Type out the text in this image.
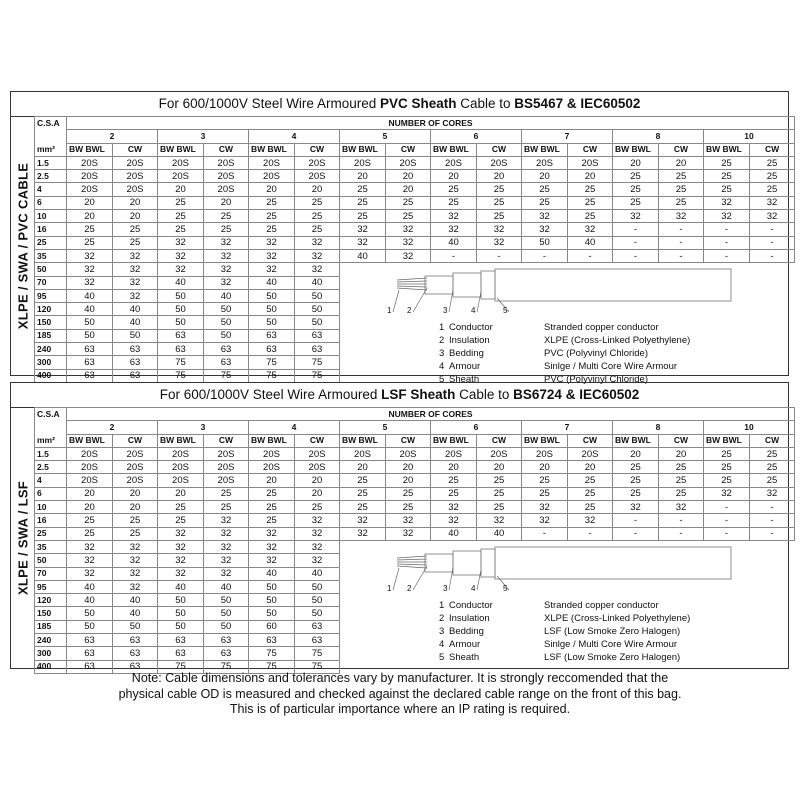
For 600/1000V Steel Wire Armoured PVC Sheath Cable to BS5467 & IEC60502
XLPE / SWA / PVC CABLE
C.S.A	NUMBER OF CORES															
	2		3		4		5		6		7		8		10	
mm²	BW BWL	CW	BW BWL	CW	BW BWL	CW	BW BWL	CW	BW BWL	CW	BW BWL	CW	BW BWL	CW	BW BWL	CW
1.5	20S	20S	20S	20S	20S	20S	20S	20S	20S	20S	20S	20S	20	20	25	25
2.5	20S	20S	20S	20S	20S	20S	20	20	20	20	20	20	25	25	25	25
4	20S	20S	20	20S	20	20	25	20	25	25	25	25	25	25	25	25
6	20	20	25	20	25	25	25	25	25	25	25	25	25	25	32	32
10	20	20	25	25	25	25	25	25	32	25	32	25	32	32	32	32
16	25	25	25	25	25	25	32	32	32	32	32	32	-	-	-	-
25	25	25	32	32	32	32	32	32	40	32	50	40	-	-	-	-
35	32	32	32	32	32	32	40	32	-	-	-	-	-	-	-	-
50	32	32	32	32	32	32										
70	32	32	40	32	40	40										
95	40	32	50	40	50	50										
120	40	40	50	50	50	50										
150	50	40	50	50	50	50										
185	50	50	63	50	63	63										
240	63	63	63	63	63	63										
300	63	63	75	63	75	75										
400	63	63	75	75	75	75										
1 2	3	4	5
1 Conductor	Stranded copper conductor
2 Insulation	XLPE (Cross-Linked Polyethylene)
3 Bedding	PVC (Polyvinyl Chloride)
4 Armour	Sinlge / Multi Core Wire Armour
5 Sheath	PVC (Polyvinyl Chloride)
For 600/1000V Steel Wire Armoured LSF Sheath Cable to BS6724 & IEC60502
XLPE / SWA / LSF
C.S.A	NUMBER OF CORES															
	2		3		4		5		6		7		8		10	
mm²	BW BWL	CW	BW BWL	CW	BW BWL	CW	BW BWL	CW	BW BWL	CW	BW BWL	CW	BW BWL	CW	BW BWL	CW
1.5	20S	20S	20S	20S	20S	20S	20S	20S	20S	20S	20S	20S	20	20	25	25
2.5	20S	20S	20S	20S	20S	20S	20	20	20	20	20	20	25	25	25	25
4	20S	20S	20S	20S	20	20	25	20	25	25	25	25	25	25	25	25
6	20	20	20	25	25	20	25	25	25	25	25	25	25	25	32	32
10	20	20	25	25	25	25	25	25	32	25	32	25	32	32	-	-
16	25	25	25	32	25	32	32	32	32	32	32	32	-	-	-	-
25	25	25	32	32	32	32	32	32	40	40	-	-	-	-	-	-
35	32	32	32	32	32	32										
50	32	32	32	32	32	32										
70	32	32	32	32	40	40										
95	40	32	40	40	50	50										
120	40	40	50	50	50	50										
150	50	40	50	50	50	50										
185	50	50	50	50	60	63										
240	63	63	63	63	63	63										
300	63	63	63	63	75	75										
400	63	63	75	75	75	75										
1 2	3	4	5
1 Conductor	Stranded copper conductor
2 Insulation	XLPE (Cross-Linked Polyethylene)
3 Bedding	LSF (Low Smoke Zero Halogen)
4 Armour	Sinlge / Multi Core Wire Armour
5 Sheath	LSF (Low Smoke Zero Halogen)
Note: Cable dimensions and tolerances vary by manufacturer. It is strongly reccomended that the
physical cable OD is measured and checked against the declared cable range on the front of this bag.
This is of particular importance where an IP rating is required.
